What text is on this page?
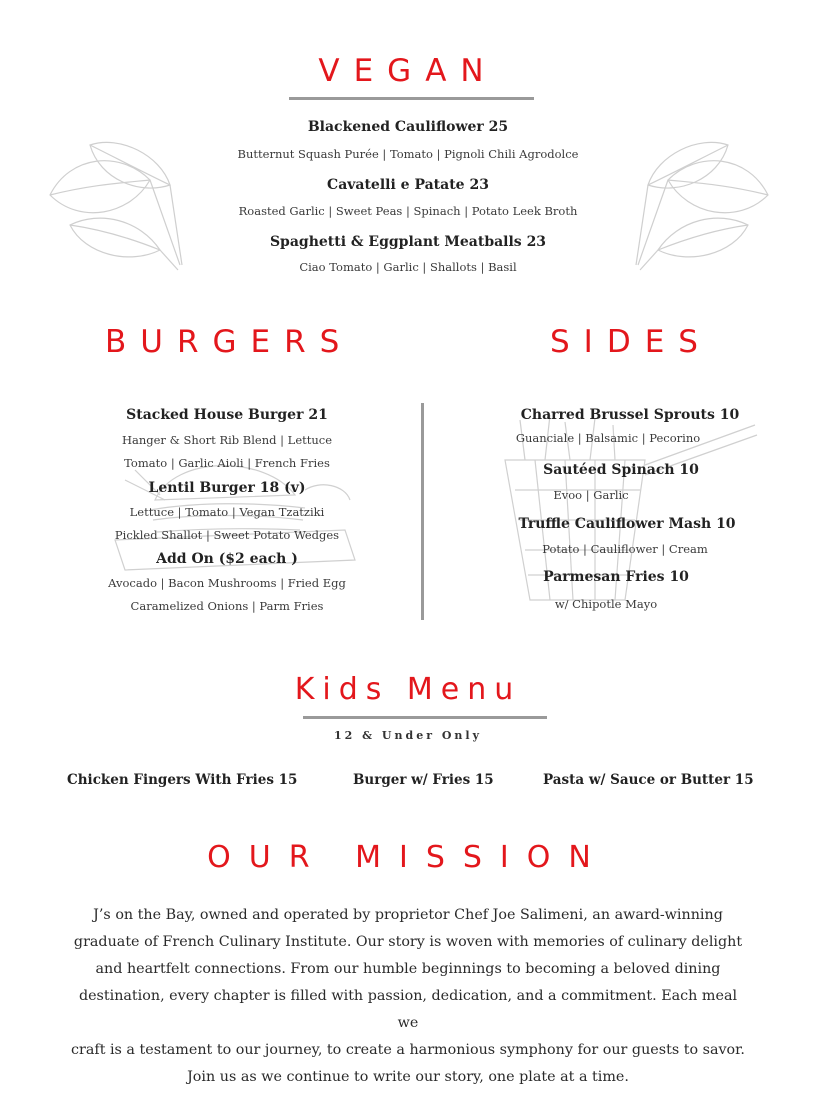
VEGAN
Blackened Cauliflower 25
Butternut Squash Purée | Tomato | Pignoli Chili Agrodolce
Cavatelli e Patate 23
Roasted Garlic | Sweet Peas | Spinach | Potato Leek Broth
Spaghetti & Eggplant Meatballs 23
Ciao Tomato | Garlic | Shallots | Basil
BURGERS
Stacked House Burger 21
Hanger & Short Rib Blend | Lettuce
Tomato | Garlic Aioli | French Fries
Lentil Burger 18 (v)
Lettuce | Tomato | Vegan Tzatziki
Pickled Shallot | Sweet Potato Wedges
Add On ($2 each )
Avocado | Bacon Mushrooms | Fried Egg
Caramelized Onions | Parm Fries
SIDES
Charred Brussel Sprouts 10
Guanciale | Balsamic | Pecorino
Sautéed Spinach 10
Evoo | Garlic
Truffle Cauliflower Mash 10
Potato | Cauliflower | Cream
Parmesan Fries 10
w/ Chipotle Mayo
Kids Menu
12 & Under Only
Chicken Fingers With Fries 15	Burger w/ Fries 15	Pasta w/ Sauce or Butter 15
OUR MISSION
J’s on the Bay, owned and operated by proprietor Chef Joe Salimeni, an award-winning
graduate of French Culinary Institute. Our story is woven with memories of culinary delight
and heartfelt connections. From our humble beginnings to becoming a beloved dining
destination, every chapter is filled with passion, dedication, and a commitment. Each meal we
craft is a testament to our journey, to create a harmonious symphony for our guests to savor.
Join us as we continue to write our story, one plate at a time.
